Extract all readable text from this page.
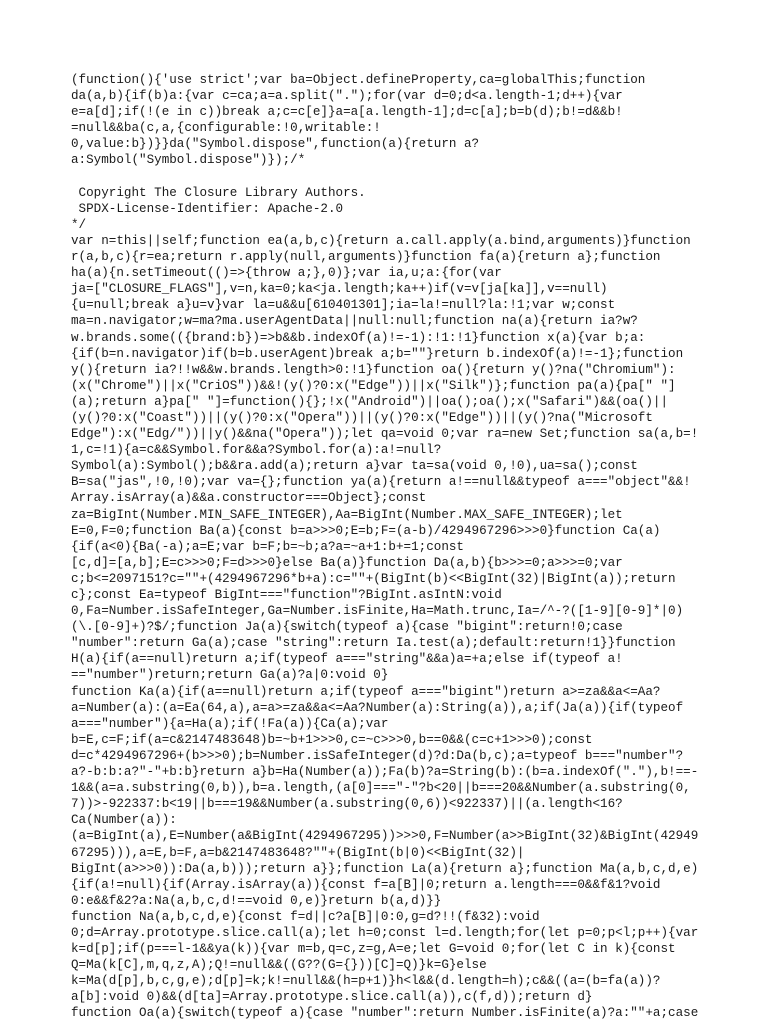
(function(){'use strict';var ba=Object.defineProperty,ca=globalThis;function
da(a,b){if(b)a:{var c=ca;a=a.split(".");for(var d=0;d<a.length-1;d++){var
e=a[d];if(!(e in c))break a;c=c[e]}a=a[a.length-1];d=c[a];b=b(d);b!=d&&b!
=null&&ba(c,a,{configurable:!0,writable:!
0,value:b})}}da("Symbol.dispose",function(a){return a?
a:Symbol("Symbol.dispose")});/*
Copyright The Closure Library Authors.
SPDX-License-Identifier: Apache-2.0
*/
var n=this||self;function ea(a,b,c){return a.call.apply(a.bind,arguments)}function
r(a,b,c){r=ea;return r.apply(null,arguments)}function fa(a){return a};function
ha(a){n.setTimeout(()=>{throw a;},0)};var ia,u;a:{for(var
ja=["CLOSURE_FLAGS"],v=n,ka=0;ka<ja.length;ka++)if(v=v[ja[ka]],v==null)
{u=null;break a}u=v}var la=u&&u[610401301];ia=la!=null?la:!1;var w;const
ma=n.navigator;w=ma?ma.userAgentData||null:null;function na(a){return ia?w?
w.brands.some(({brand:b})=>b&&b.indexOf(a)!=-1):!1:!1}function x(a){var b;a:
{if(b=n.navigator)if(b=b.userAgent)break a;b=""}return b.indexOf(a)!=-1};function
y(){return ia?!!w&&w.brands.length>0:!1}function oa(){return y()?na("Chromium"):
(x("Chrome")||x("CriOS"))&&!(y()?0:x("Edge"))||x("Silk")};function pa(a){pa[" "]
(a);return a}pa[" "]=function(){};!x("Android")||oa();oa();x("Safari")&&(oa()||
(y()?0:x("Coast"))||(y()?0:x("Opera"))||(y()?0:x("Edge"))||(y()?na("Microsoft
Edge"):x("Edg/"))||y()&&na("Opera"));let qa=void 0;var ra=new Set;function sa(a,b=!
1,c=!1){a=c&&Symbol.for&&a?Symbol.for(a):a!=null?
Symbol(a):Symbol();b&&ra.add(a);return a}var ta=sa(void 0,!0),ua=sa();const
B=sa("jas",!0,!0);var va={};function ya(a){return a!==null&&typeof a==="object"&&!
Array.isArray(a)&&a.constructor===Object};const
za=BigInt(Number.MIN_SAFE_INTEGER),Aa=BigInt(Number.MAX_SAFE_INTEGER);let
E=0,F=0;function Ba(a){const b=a>>>0;E=b;F=(a-b)/4294967296>>>0}function Ca(a)
{if(a<0){Ba(-a);a=E;var b=F;b=~b;a?a=~a+1:b+=1;const
[c,d]=[a,b];E=c>>>0;F=d>>>0}else Ba(a)}function Da(a,b){b>>>=0;a>>>=0;var
c;b<=2097151?c=""+(4294967296*b+a):c=""+(BigInt(b)<<BigInt(32)|BigInt(a));return
c};const Ea=typeof BigInt==="function"?BigInt.asIntN:void
0,Fa=Number.isSafeInteger,Ga=Number.isFinite,Ha=Math.trunc,Ia=/^-?([1-9][0-9]*|0)
(\.[0-9]+)?$/;function Ja(a){switch(typeof a){case "bigint":return!0;case
"number":return Ga(a);case "string":return Ia.test(a);default:return!1}}function
H(a){if(a==null)return a;if(typeof a==="string"&&a)a=+a;else if(typeof a!
=="number")return;return Ga(a)?a|0:void 0}
function Ka(a){if(a==null)return a;if(typeof a==="bigint")return a>=za&&a<=Aa?
a=Number(a):(a=Ea(64,a),a=a>=za&&a<=Aa?Number(a):String(a)),a;if(Ja(a)){if(typeof
a==="number"){a=Ha(a);if(!Fa(a)){Ca(a);var
b=E,c=F;if(a=c&2147483648)b=~b+1>>>0,c=~c>>>0,b==0&&(c=c+1>>>0);const
d=c*4294967296+(b>>>0);b=Number.isSafeInteger(d)?d:Da(b,c);a=typeof b==="number"?
a?-b:b:a?"-"+b:b}return a}b=Ha(Number(a));Fa(b)?a=String(b):(b=a.indexOf("."),b!==-
1&&(a=a.substring(0,b)),b=a.length,(a[0]==="-"?b<20||b===20&&Number(a.substring(0,
7))>-922337:b<19||b===19&&Number(a.substring(0,6))<922337)||(a.length<16?
Ca(Number(a)):
(a=BigInt(a),E=Number(a&BigInt(4294967295))>>>0,F=Number(a>>BigInt(32)&BigInt(42949
67295))),a=E,b=F,a=b&2147483648?""+(BigInt(b|0)<<BigInt(32)|
BigInt(a>>>0)):Da(a,b)));return a}};function La(a){return a};function Ma(a,b,c,d,e)
{if(a!=null){if(Array.isArray(a)){const f=a[B]|0;return a.length===0&&f&1?void
0:e&&f&2?a:Na(a,b,c,d!==void 0,e)}return b(a,d)}}
function Na(a,b,c,d,e){const f=d||c?a[B]|0:0,g=d?!!(f&32):void
0;d=Array.prototype.slice.call(a);let h=0;const l=d.length;for(let p=0;p<l;p++){var
k=d[p];if(p===l-1&&ya(k)){var m=b,q=c,z=g,A=e;let G=void 0;for(let C in k){const
Q=Ma(k[C],m,q,z,A);Q!=null&&((G??(G={}))[C]=Q)}k=G}else
k=Ma(d[p],b,c,g,e);d[p]=k;k!=null&&(h=p+1)}h<l&&(d.length=h);c&&((a=(b=fa(a))?
a[b]:void 0)&&(d[ta]=Array.prototype.slice.call(a)),c(f,d));return d}
function Oa(a){switch(typeof a){case "number":return Number.isFinite(a)?a:""+a;case
